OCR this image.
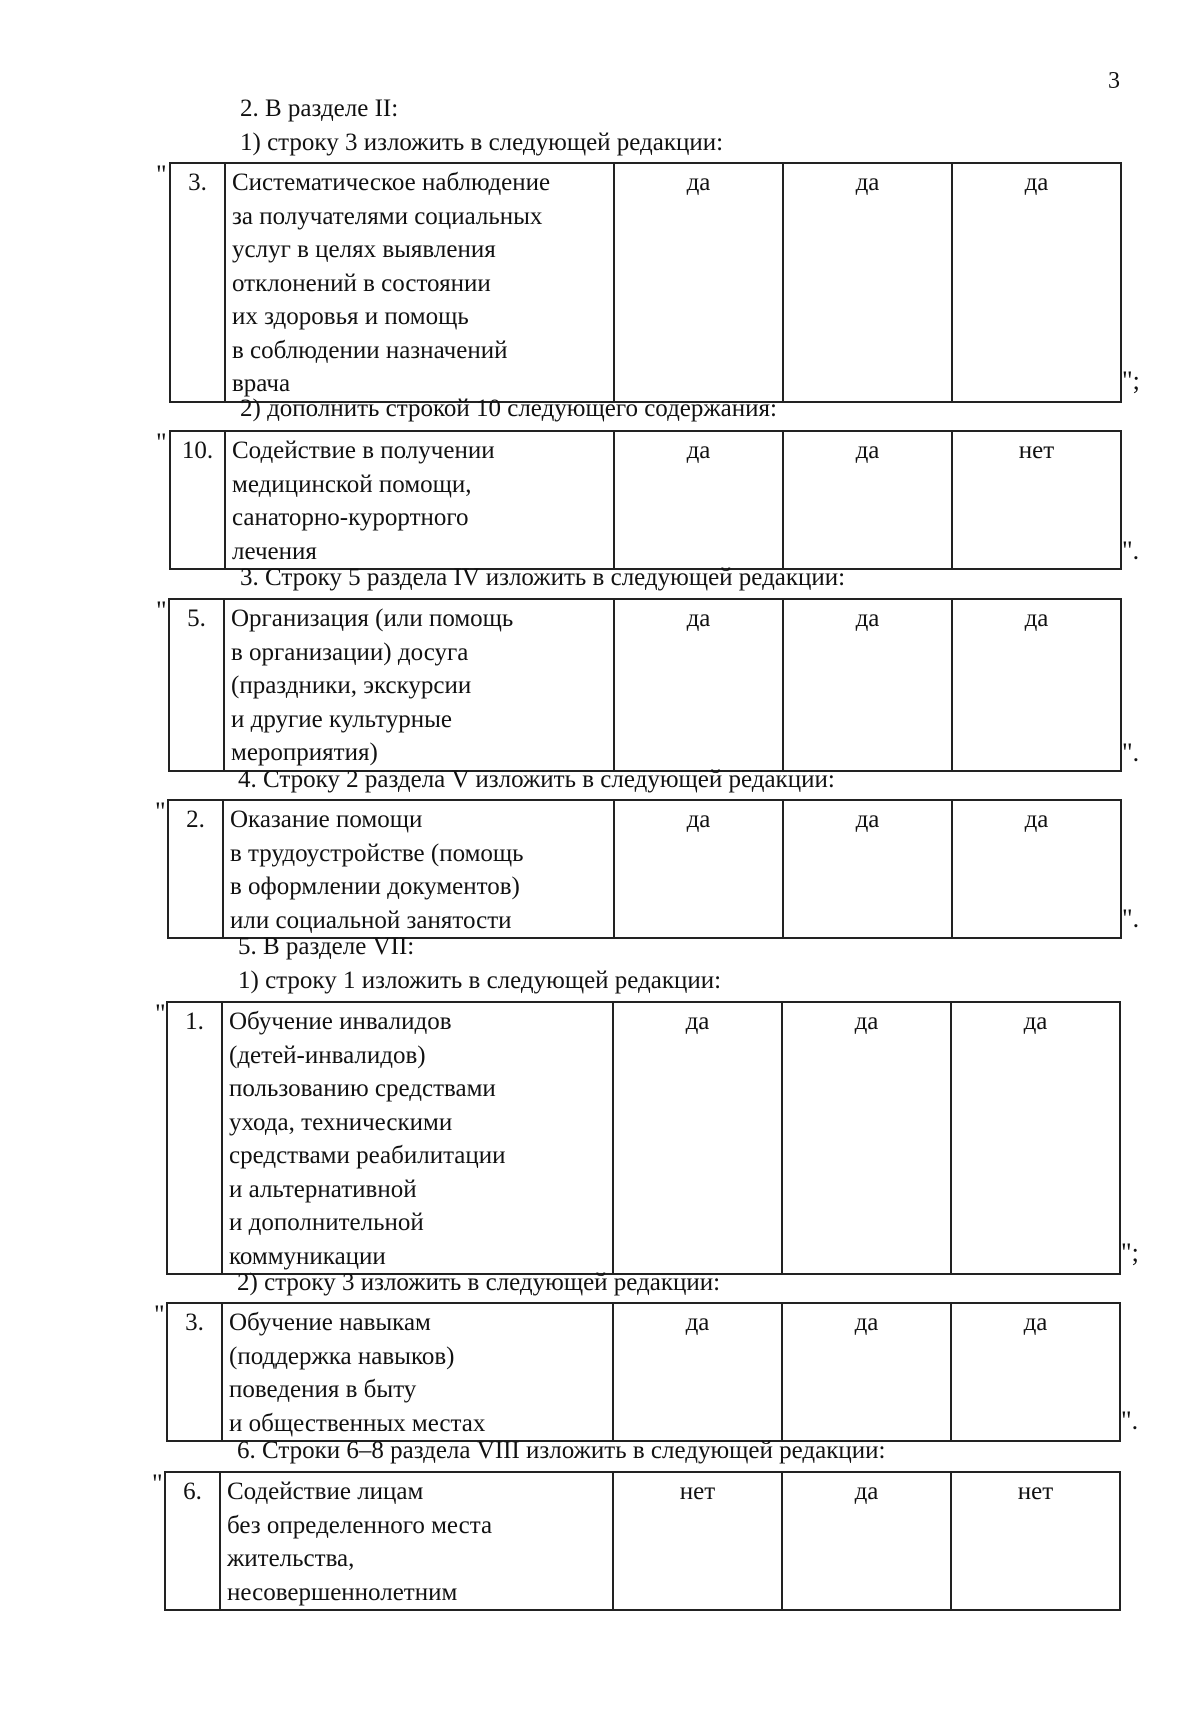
3
2. В разделе II:
1) строку 3 изложить в следующей редакции:
" 3.	Систематическое наблюдение
за получателями социальных
услуг в целях выявления
отклонений в состоянии
их здоровья и помощь
в соблюдении назначений
врача
	да	да	да
";
2) дополнить строкой 10 следующего содержания:
" 10.	Содействие в получении
медицинской помощи,
санаторно-курортного
лечения
	да	да	нет
".
3. Строку 5 раздела IV изложить в следующей редакции:
" 5.	Организация (или помощь
в организации) досуга
(праздники, экскурсии
и другие культурные
мероприятия)
	да	да	да
".
4. Строку 2 раздела V изложить в следующей редакции:
" 2.	Оказание помощи
в трудоустройстве (помощь
в оформлении документов)
или социальной занятости
	да	да	да
".
5. В разделе VII:
1) строку 1 изложить в следующей редакции:
" 1.	Обучение инвалидов
(детей-инвалидов)
пользованию средствами
ухода, техническими
средствами реабилитации
и альтернативной
и дополнительной
коммуникации
	да	да	да
";
2) строку 3 изложить в следующей редакции:
" 3.	Обучение навыкам
(поддержка навыков)
поведения в быту
и общественных местах
	да	да	да
".
6. Строки 6–8 раздела VIII изложить в следующей редакции:
" 6.	Содействие лицам
без определенного места
жительства,
несовершеннолетним
	нет	да	нет
